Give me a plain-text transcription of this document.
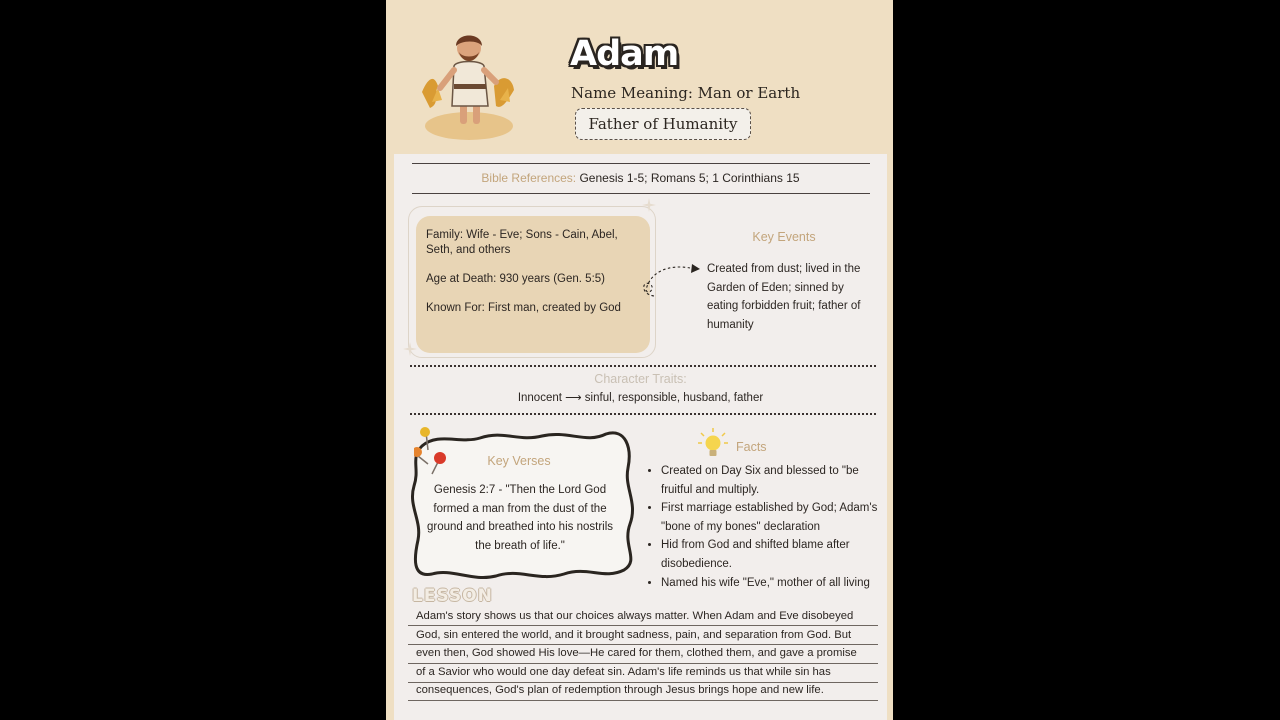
Adam
Name Meaning: Man or Earth
Father of Humanity
Bible References: Genesis 1-5; Romans 5; 1 Corinthians 15

Family: Wife - Eve; Sons - Cain, Abel, Seth, and others

Age at Death: 930 years (Gen. 5:5)

Known For: First man, created by God

Key Events
Created from dust; lived in the Garden of Eden; sinned by eating forbidden fruit; father of humanity
Character Traits:
Innocent ⟶ sinful, responsible, husband, father
Key Verses
Genesis 2:7 - "Then the Lord God formed a man from the dust of the ground and breathed into his nostrils the breath of life."
Facts
• Created on Day Six and blessed to "be fruitful and multiply.
• First marriage established by God; Adam's "bone of my bones" declaration
• Hid from God and shifted blame after disobedience.
• Named his wife "Eve," mother of all living
LESSON
Adam's story shows us that our choices always matter. When Adam and Eve disobeyed God, sin entered the world, and it brought sadness, pain, and separation from God. But even then, God showed His love—He cared for them, clothed them, and gave a promise of a Savior who would one day defeat sin. Adam's life reminds us that while sin has consequences, God's plan of redemption through Jesus brings hope and new life.
